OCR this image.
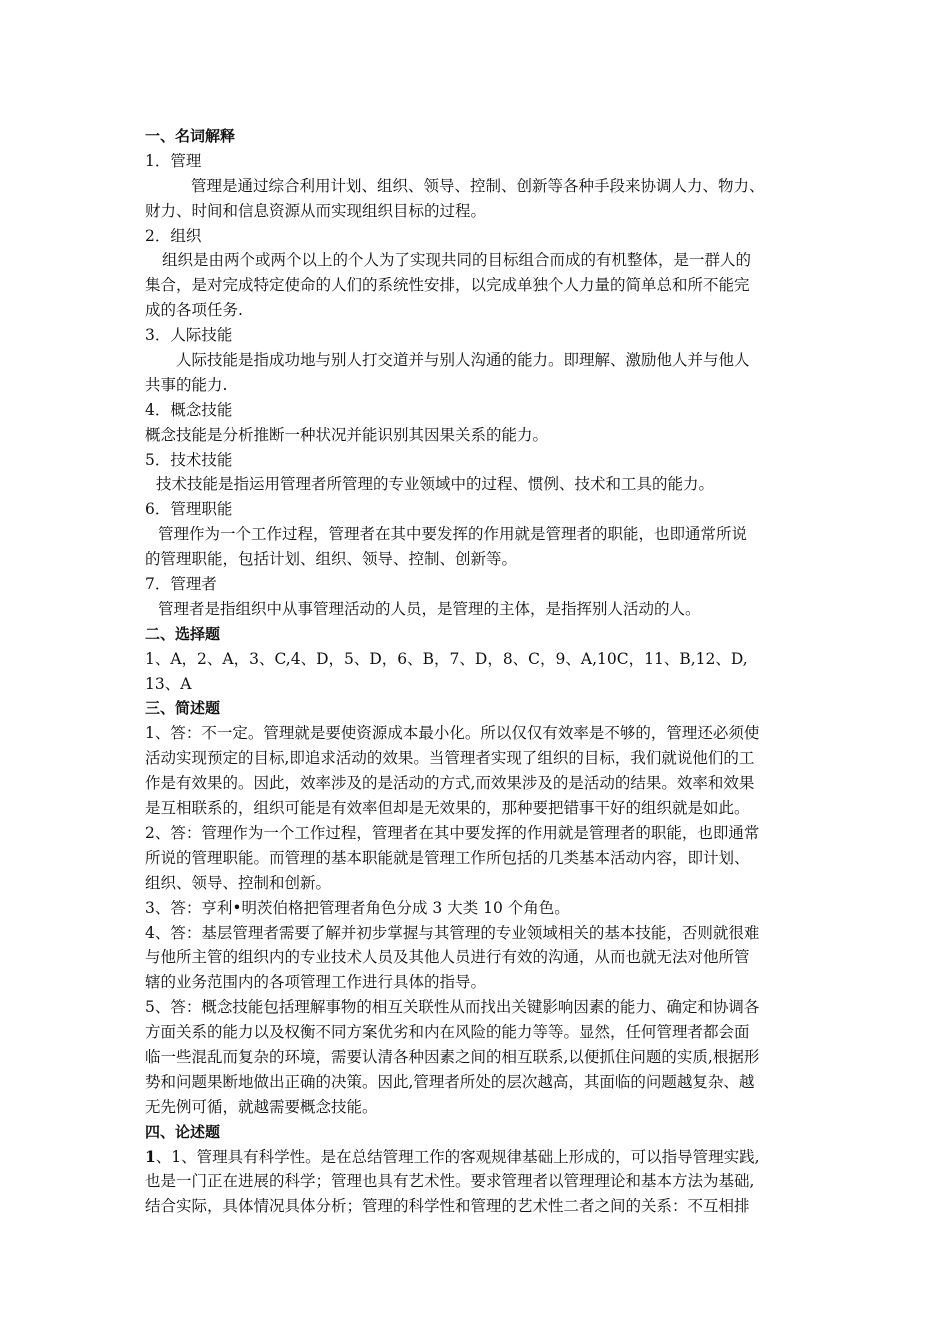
一、名词解释
1．管理
管理是通过综合利用计划、组织、领导、控制、创新等各种手段来协调人力、物力、
财力、时间和信息资源从而实现组织目标的过程。
2．组织
组织是由两个或两个以上的个人为了实现共同的目标组合而成的有机整体，是一群人的
集合，是对完成特定使命的人们的系统性安排，以完成单独个人力量的简单总和所不能完
成的各项任务.
3．人际技能
人际技能是指成功地与别人打交道并与别人沟通的能力。即理解、激励他人并与他人
共事的能力.
4．概念技能
概念技能是分析推断一种状况并能识别其因果关系的能力。
5．技术技能
技术技能是指运用管理者所管理的专业领域中的过程、惯例、技术和工具的能力。
6．管理职能
管理作为一个工作过程，管理者在其中要发挥的作用就是管理者的职能，也即通常所说
的管理职能，包括计划、组织、领导、控制、创新等。
7．管理者
管理者是指组织中从事管理活动的人员，是管理的主体，是指挥别人活动的人。
二、选择题
1、A，2、A，3、C,4、D，5、D，6、B，7、D，8、C，9、A,10C，11、B,12、D,
13、A
三、简述题
1、答：不一定。管理就是要使资源成本最小化。所以仅仅有效率是不够的，管理还必须使
活动实现预定的目标,即追求活动的效果。当管理者实现了组织的目标，我们就说他们的工
作是有效果的。因此，效率涉及的是活动的方式,而效果涉及的是活动的结果。效率和效果
是互相联系的，组织可能是有效率但却是无效果的，那种要把错事干好的组织就是如此。
2、答：管理作为一个工作过程，管理者在其中要发挥的作用就是管理者的职能，也即通常
所说的管理职能。而管理的基本职能就是管理工作所包括的几类基本活动内容，即计划、
组织、领导、控制和创新。
3、答：亨利•明茨伯格把管理者角色分成 3 大类 10 个角色。
4、答：基层管理者需要了解并初步掌握与其管理的专业领域相关的基本技能，否则就很难
与他所主管的组织内的专业技术人员及其他人员进行有效的沟通，从而也就无法对他所管
辖的业务范围内的各项管理工作进行具体的指导。
5、答：概念技能包括理解事物的相互关联性从而找出关键影响因素的能力、确定和协调各
方面关系的能力以及权衡不同方案优劣和内在风险的能力等等。显然，任何管理者都会面
临一些混乱而复杂的环境，需要认清各种因素之间的相互联系,以便抓住问题的实质,根据形
势和问题果断地做出正确的决策。因此,管理者所处的层次越高，其面临的问题越复杂、越
无先例可循，就越需要概念技能。
四、论述题
1、1、管理具有科学性。是在总结管理工作的客观规律基础上形成的，可以指导管理实践,
也是一门正在进展的科学；管理也具有艺术性。要求管理者以管理理论和基本方法为基础,
结合实际，具体情况具体分析；管理的科学性和管理的艺术性二者之间的关系：不互相排
